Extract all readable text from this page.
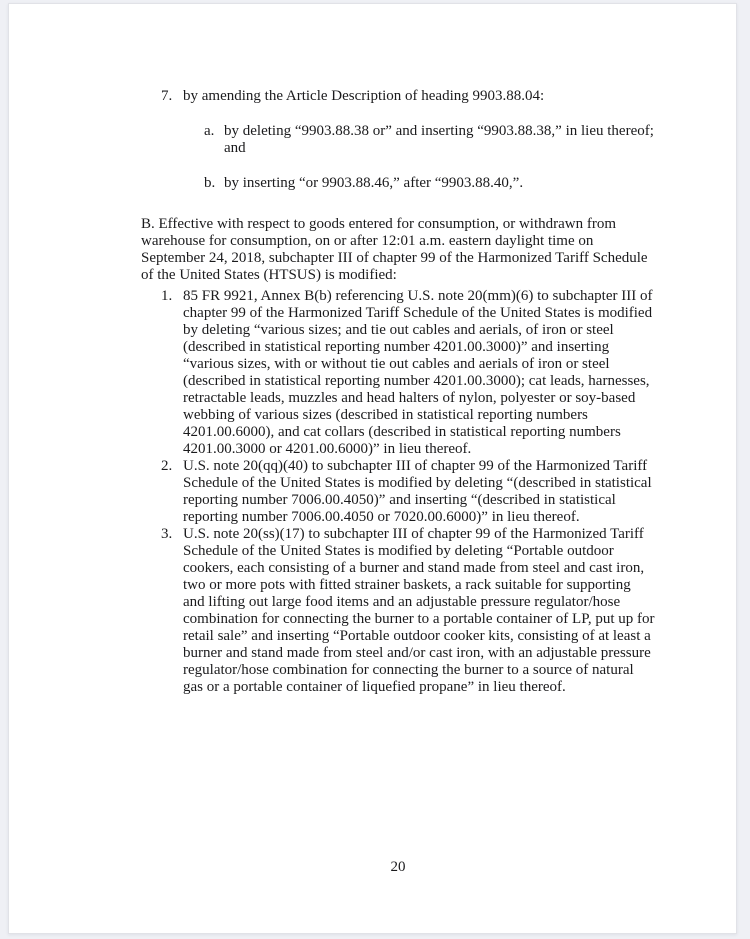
7. by amending the Article Description of heading 9903.88.04:
a. by deleting “9903.88.38 or” and inserting “9903.88.38,” in lieu thereof; and
b. by inserting “or 9903.88.46,” after “9903.88.40,”.

B. Effective with respect to goods entered for consumption, or withdrawn from warehouse for consumption, on or after 12:01 a.m. eastern daylight time on September 24, 2018, subchapter III of chapter 99 of the Harmonized Tariff Schedule of the United States (HTSUS) is modified:

1. 85 FR 9921, Annex B(b) referencing U.S. note 20(mm)(6) to subchapter III of chapter 99 of the Harmonized Tariff Schedule of the United States is modified by deleting “various sizes; and tie out cables and aerials, of iron or steel (described in statistical reporting number 4201.00.3000)” and inserting “various sizes, with or without tie out cables and aerials of iron or steel (described in statistical reporting number 4201.00.3000); cat leads, harnesses, retractable leads, muzzles and head halters of nylon, polyester or soy-based webbing of various sizes (described in statistical reporting numbers 4201.00.6000), and cat collars (described in statistical reporting numbers 4201.00.3000 or 4201.00.6000)” in lieu thereof.
2. U.S. note 20(qq)(40) to subchapter III of chapter 99 of the Harmonized Tariff Schedule of the United States is modified by deleting “(described in statistical reporting number 7006.00.4050)” and inserting “(described in statistical reporting number 7006.00.4050 or 7020.00.6000)” in lieu thereof.
3. U.S. note 20(ss)(17) to subchapter III of chapter 99 of the Harmonized Tariff Schedule of the United States is modified by deleting “Portable outdoor cookers, each consisting of a burner and stand made from steel and cast iron, two or more pots with fitted strainer baskets, a rack suitable for supporting and lifting out large food items and an adjustable pressure regulator/hose combination for connecting the burner to a portable container of LP, put up for retail sale” and inserting “Portable outdoor cooker kits, consisting of at least a burner and stand made from steel and/or cast iron, with an adjustable pressure regulator/hose combination for connecting the burner to a source of natural gas or a portable container of liquefied propane” in lieu thereof.
20
